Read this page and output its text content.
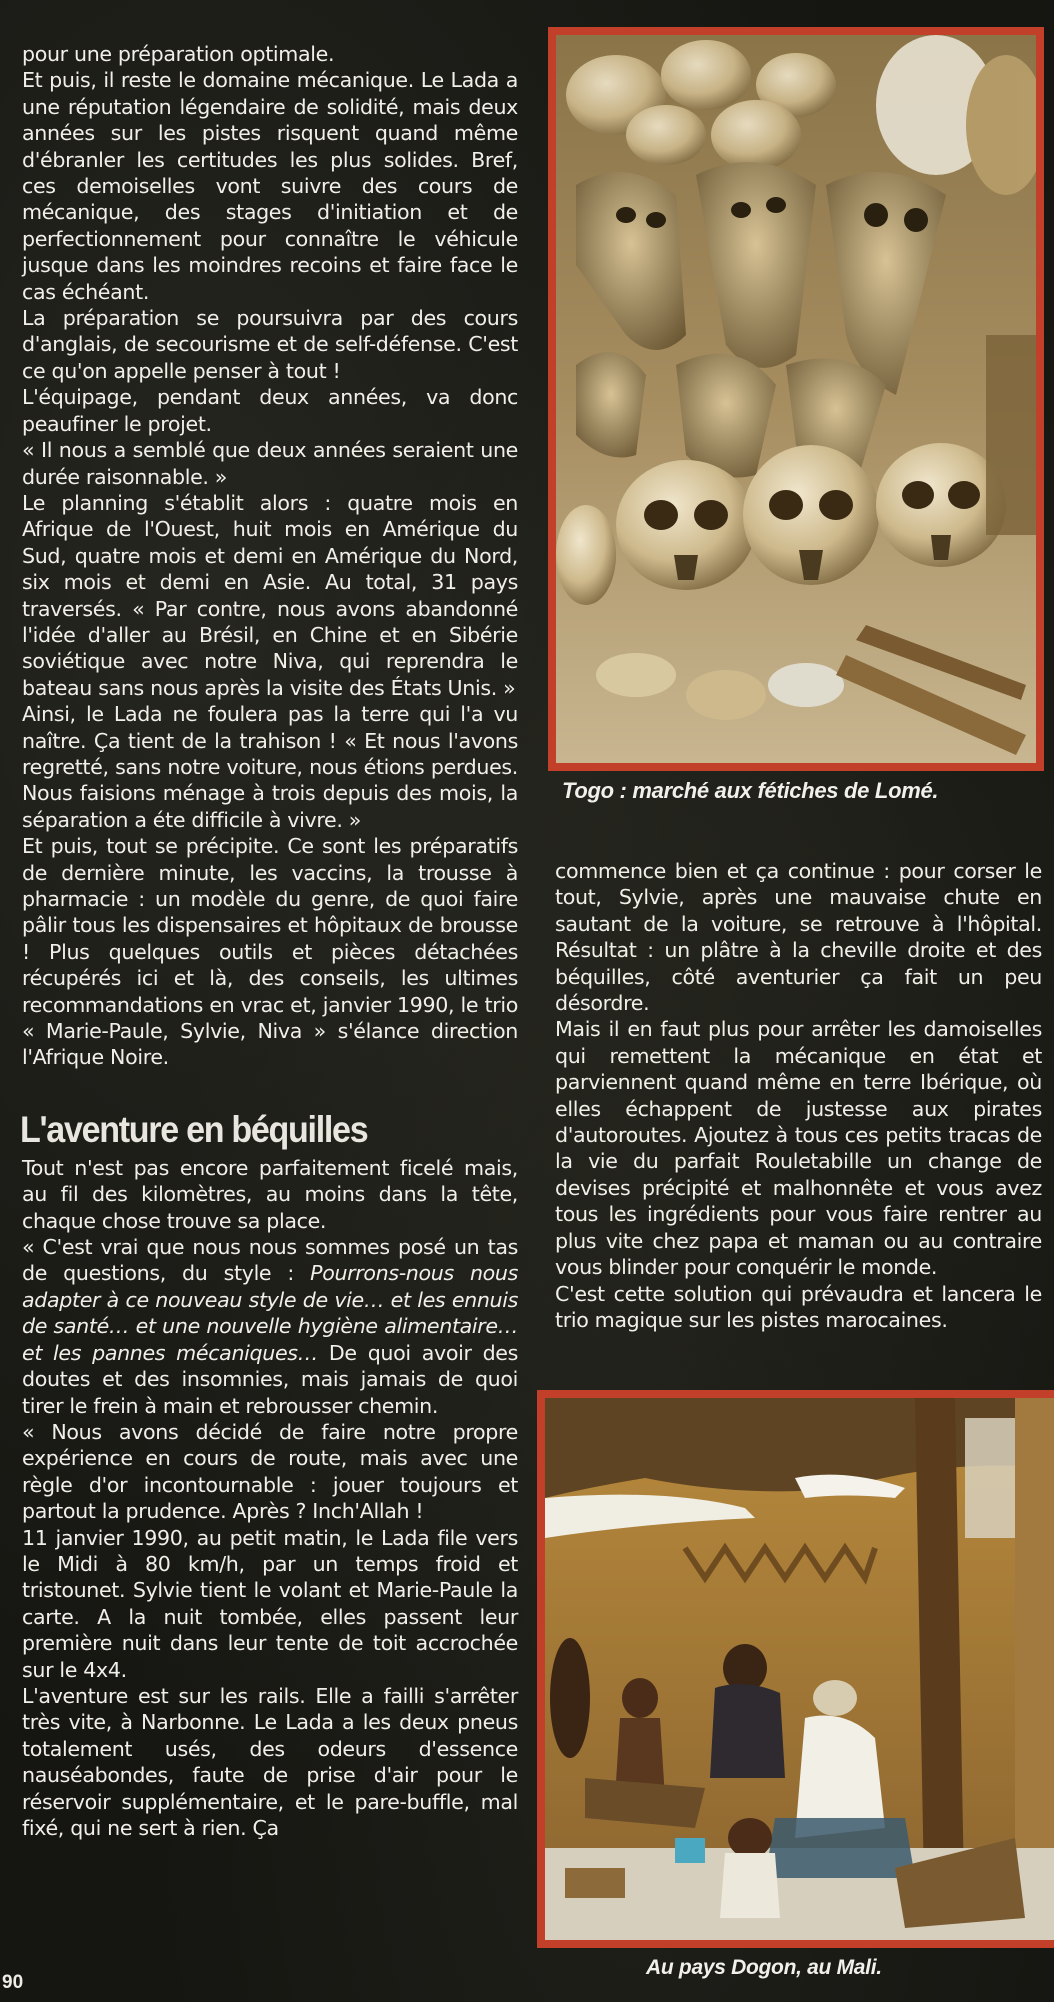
pour une préparation optimale.

Et puis, il reste le domaine mécanique. Le Lada a une réputation légendaire de solidité, mais deux années sur les pistes risquent quand même d'ébranler les certitudes les plus solides. Bref, ces demoiselles vont suivre des cours de mécanique, des stages d'initiation et de perfectionnement pour connaître le véhicule jusque dans les moindres recoins et faire face le cas échéant.

La préparation se poursuivra par des cours d'anglais, de secourisme et de self-défense. C'est ce qu'on appelle penser à tout !

L'équipage, pendant deux années, va donc peaufiner le projet.

« Il nous a semblé que deux années seraient une durée raisonnable. »

Le planning s'établit alors : quatre mois en Afrique de l'Ouest, huit mois en Amérique du Sud, quatre mois et demi en Amérique du Nord, six mois et demi en Asie. Au total, 31 pays traversés. « Par contre, nous avons abandonné l'idée d'aller au Brésil, en Chine et en Sibérie soviétique avec notre Niva, qui reprendra le bateau sans nous après la visite des États Unis. »

Ainsi, le Lada ne foulera pas la terre qui l'a vu naître. Ça tient de la trahison ! « Et nous l'avons regretté, sans notre voiture, nous étions perdues. Nous faisions ménage à trois depuis des mois, la séparation a éte difficile à vivre. »

Et puis, tout se précipite. Ce sont les préparatifs de dernière minute, les vaccins, la trousse à pharmacie : un modèle du genre, de quoi faire pâlir tous les dispensaires et hôpitaux de brousse ! Plus quelques outils et pièces détachées récupérés ici et là, des conseils, les ultimes recommandations en vrac et, janvier 1990, le trio « Marie-Paule, Sylvie, Niva » s'élance direction l'Afrique Noire.

L'aventure en béquilles

Tout n'est pas encore parfaitement ficelé mais, au fil des kilomètres, au moins dans la tête, chaque chose trouve sa place.

« C'est vrai que nous nous sommes posé un tas de questions, du style : Pourrons-nous nous adapter à ce nouveau style de vie… et les ennuis de santé… et une nouvelle hygiène alimentaire… et les pannes mécaniques… De quoi avoir des doutes et des insomnies, mais jamais de quoi tirer le frein à main et rebrousser chemin.

« Nous avons décidé de faire notre propre expérience en cours de route, mais avec une règle d'or incontournable : jouer toujours et partout la prudence. Après ? Inch'Allah !

11 janvier 1990, au petit matin, le Lada file vers le Midi à 80 km/h, par un temps froid et tristounet. Sylvie tient le volant et Marie-Paule la carte. A la nuit tombée, elles passent leur première nuit dans leur tente de toit accrochée sur le 4x4.

L'aventure est sur les rails. Elle a failli s'arrêter très vite, à Narbonne. Le Lada a les deux pneus totalement usés, des odeurs d'essence nauséabondes, faute de prise d'air pour le réservoir supplémentaire, et le pare-buffle, mal fixé, qui ne sert à rien. Ça

Togo : marché aux fétiches de Lomé.

commence bien et ça continue : pour corser le tout, Sylvie, après une mauvaise chute en sautant de la voiture, se retrouve à l'hôpital. Résultat : un plâtre à la cheville droite et des béquilles, côté aventurier ça fait un peu désordre.

Mais il en faut plus pour arrêter les damoiselles qui remettent la mécanique en état et parviennent quand même en terre Ibérique, où elles échappent de justesse aux pirates d'autoroutes. Ajoutez à tous ces petits tracas de la vie du parfait Rouletabille un change de devises précipité et malhonnête et vous avez tous les ingrédients pour vous faire rentrer au plus vite chez papa et maman ou au contraire vous blinder pour conquérir le monde.

C'est cette solution qui prévaudra et lancera le trio magique sur les pistes marocaines.

Au pays Dogon, au Mali.
90
